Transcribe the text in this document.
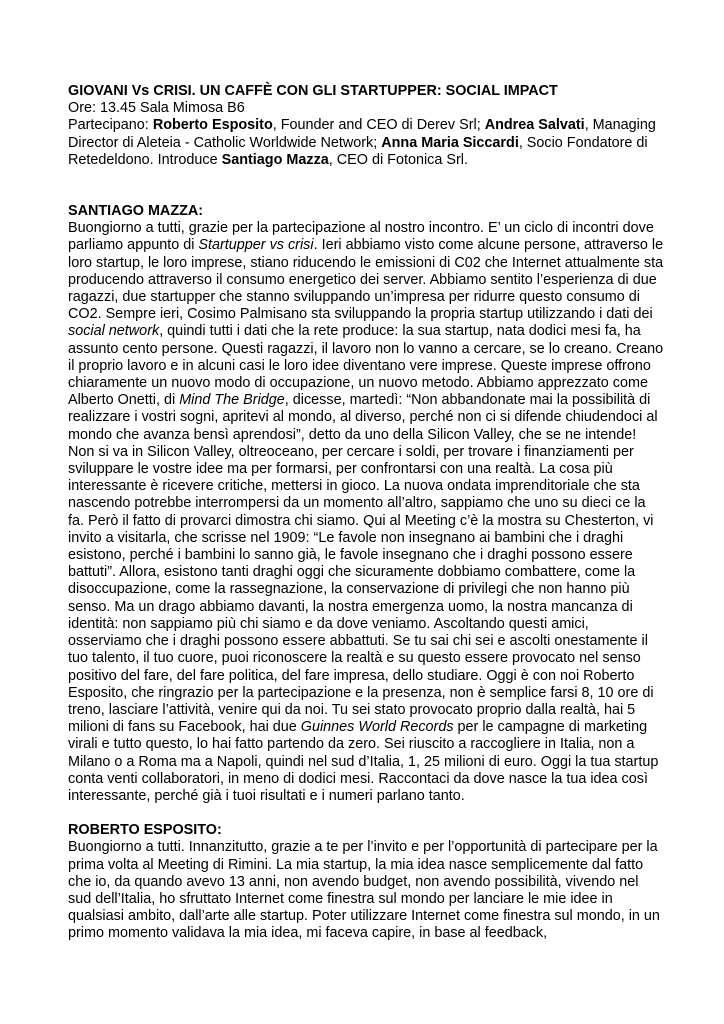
GIOVANI Vs CRISI. UN CAFFÈ CON GLI STARTUPPER: SOCIAL IMPACT

Ore: 13.45 Sala Mimosa B6

Partecipano: Roberto Esposito, Founder and CEO di Derev Srl; Andrea Salvati, Managing Director di Aleteia - Catholic Worldwide Network; Anna Maria Siccardi, Socio Fondatore di Retedeldono. Introduce Santiago Mazza, CEO di Fotonica Srl.

SANTIAGO MAZZA:

Buongiorno a tutti, grazie per la partecipazione al nostro incontro. E’ un ciclo di incontri dove parliamo appunto di Startupper vs crisi. Ieri abbiamo visto come alcune persone, attraverso le loro startup, le loro imprese, stiano riducendo le emissioni di C02 che Internet attualmente sta producendo attraverso il consumo energetico dei server. Abbiamo sentito l’esperienza di due ragazzi, due startupper che stanno sviluppando un’impresa per ridurre questo consumo di CO2. Sempre ieri, Cosimo Palmisano sta sviluppando la propria startup utilizzando i dati dei social network, quindi tutti i dati che la rete produce: la sua startup, nata dodici mesi fa, ha assunto cento persone. Questi ragazzi, il lavoro non lo vanno a cercare, se lo creano. Creano il proprio lavoro e in alcuni casi le loro idee diventano vere imprese. Queste imprese offrono chiaramente un nuovo modo di occupazione, un nuovo metodo. Abbiamo apprezzato come Alberto Onetti, di Mind The Bridge, dicesse, martedì: “Non abbandonate mai la possibilità di realizzare i vostri sogni, apritevi al mondo, al diverso, perché non ci si difende chiudendoci al mondo che avanza bensì aprendosi”, detto da uno della Silicon Valley, che se ne intende! Non si va in Silicon Valley, oltreoceano, per cercare i soldi, per trovare i finanziamenti per sviluppare le vostre idee ma per formarsi, per confrontarsi con una realtà. La cosa più interessante è ricevere critiche, mettersi in gioco. La nuova ondata imprenditoriale che sta nascendo potrebbe interrompersi da un momento all’altro, sappiamo che uno su dieci ce la fa. Però il fatto di provarci dimostra chi siamo. Qui al Meeting c’è la mostra su Chesterton, vi invito a visitarla, che scrisse nel 1909: “Le favole non insegnano ai bambini che i draghi esistono, perché i bambini lo sanno già, le favole insegnano che i draghi possono essere battuti”. Allora, esistono tanti draghi oggi che sicuramente dobbiamo combattere, come la disoccupazione, come la rassegnazione, la conservazione di privilegi che non hanno più senso. Ma un drago abbiamo davanti, la nostra emergenza uomo, la nostra mancanza di identità: non sappiamo più chi siamo e da dove veniamo. Ascoltando questi amici, osserviamo che i draghi possono essere abbattuti. Se tu sai chi sei e ascolti onestamente il tuo talento, il tuo cuore, puoi riconoscere la realtà e su questo essere provocato nel senso positivo del fare, del fare politica, del fare impresa, dello studiare. Oggi è con noi Roberto Esposito, che ringrazio per la partecipazione e la presenza, non è semplice farsi 8, 10 ore di treno, lasciare l’attività, venire qui da noi. Tu sei stato provocato proprio dalla realtà, hai 5 milioni di fans su Facebook, hai due Guinnes World Records per le campagne di marketing virali e tutto questo, lo hai fatto partendo da zero. Sei riuscito a raccogliere in Italia, non a Milano o a Roma ma a Napoli, quindi nel sud d’Italia, 1, 25 milioni di euro. Oggi la tua startup conta venti collaboratori, in meno di dodici mesi. Raccontaci da dove nasce la tua idea così interessante, perché già i tuoi risultati e i numeri parlano tanto.

ROBERTO ESPOSITO:

Buongiorno a tutti. Innanzitutto, grazie a te per l’invito e per l’opportunità di partecipare per la prima volta al Meeting di Rimini. La mia startup, la mia idea nasce semplicemente dal fatto che io, da quando avevo 13 anni, non avendo budget, non avendo possibilità, vivendo nel sud dell’Italia, ho sfruttato Internet come finestra sul mondo per lanciare le mie idee in qualsiasi ambito, dall’arte alle startup. Poter utilizzare Internet come finestra sul mondo, in un primo momento validava la mia idea, mi faceva capire, in base al feedback,
